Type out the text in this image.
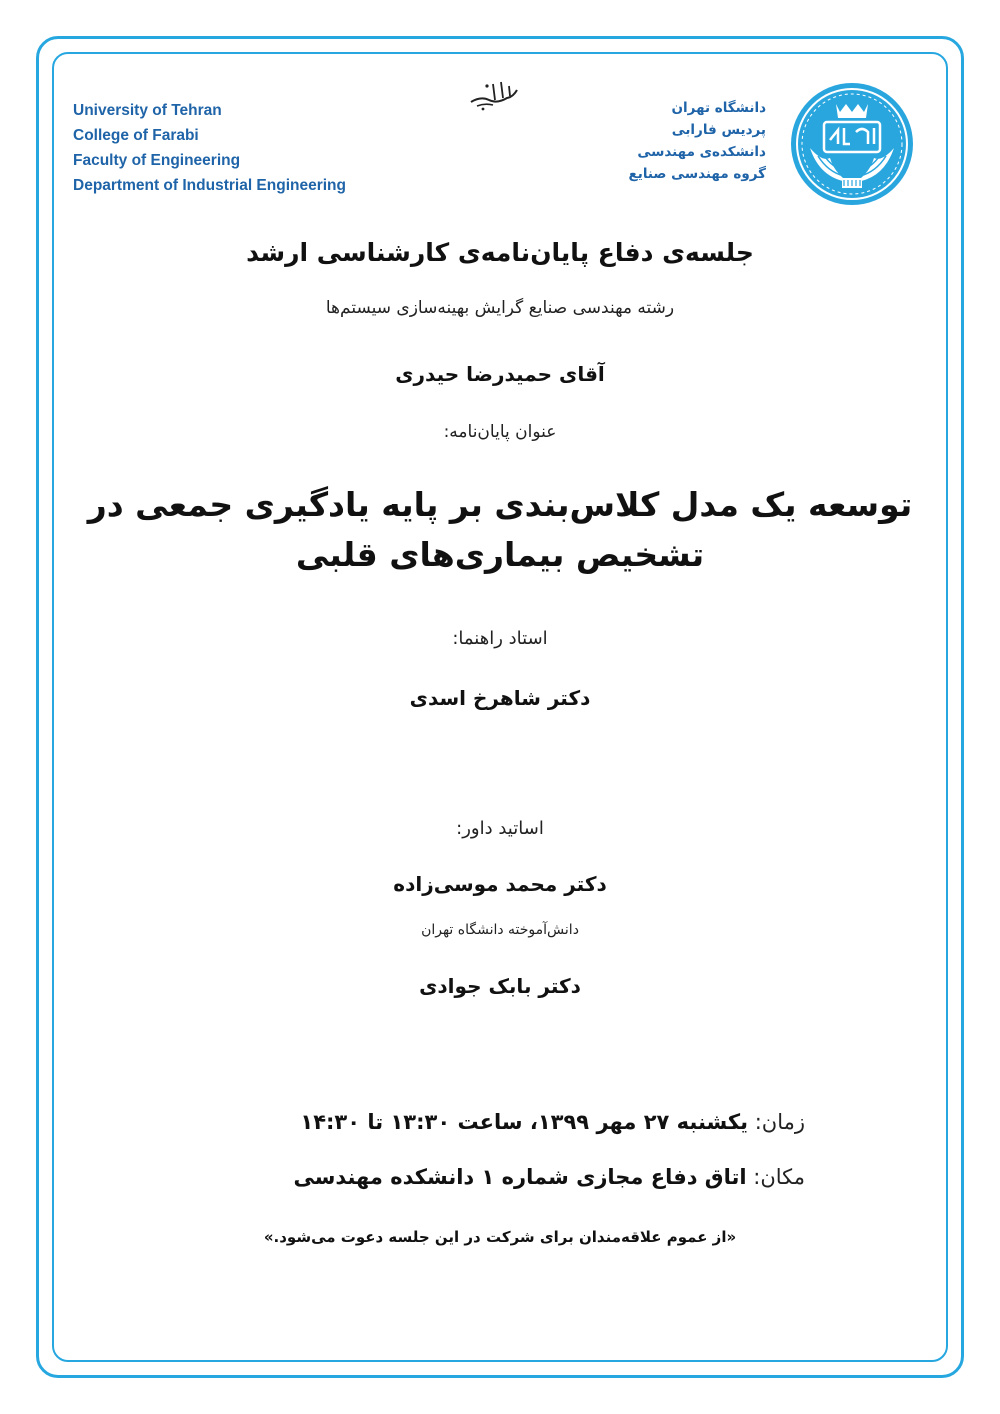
University of Tehran
College of Farabi
Faculty of Engineering
Department of Industrial Engineering
دانشگاه تهران
پردیس فارابی
دانشکده‌ی مهندسی
گروه مهندسی صنایع
جلسه‌ی دفاع پایان‌نامه‌ی کارشناسی ارشد
رشته مهندسی صنایع گرایش بهینه‌سازی سیستم‌ها
آقای حمیدرضا حیدری
عنوان پایان‌نامه:
توسعه یک مدل کلاس‌بندی بر پایه یادگیری جمعی در
تشخیص بیماری‌های قلبی
استاد راهنما:
دکتر شاهرخ اسدی
اساتید داور:
دکتر محمد موسی‌زاده
دانش‌آموخته دانشگاه تهران
دکتر بابک جوادی
زمان: یکشنبه ۲۷ مهر ۱۳۹۹، ساعت ۱۳:۳۰ تا ۱۴:۳۰
مکان: اتاق دفاع مجازی شماره ۱ دانشکده مهندسی
«از عموم علاقه‌مندان برای شرکت در این جلسه دعوت می‌شود.»
